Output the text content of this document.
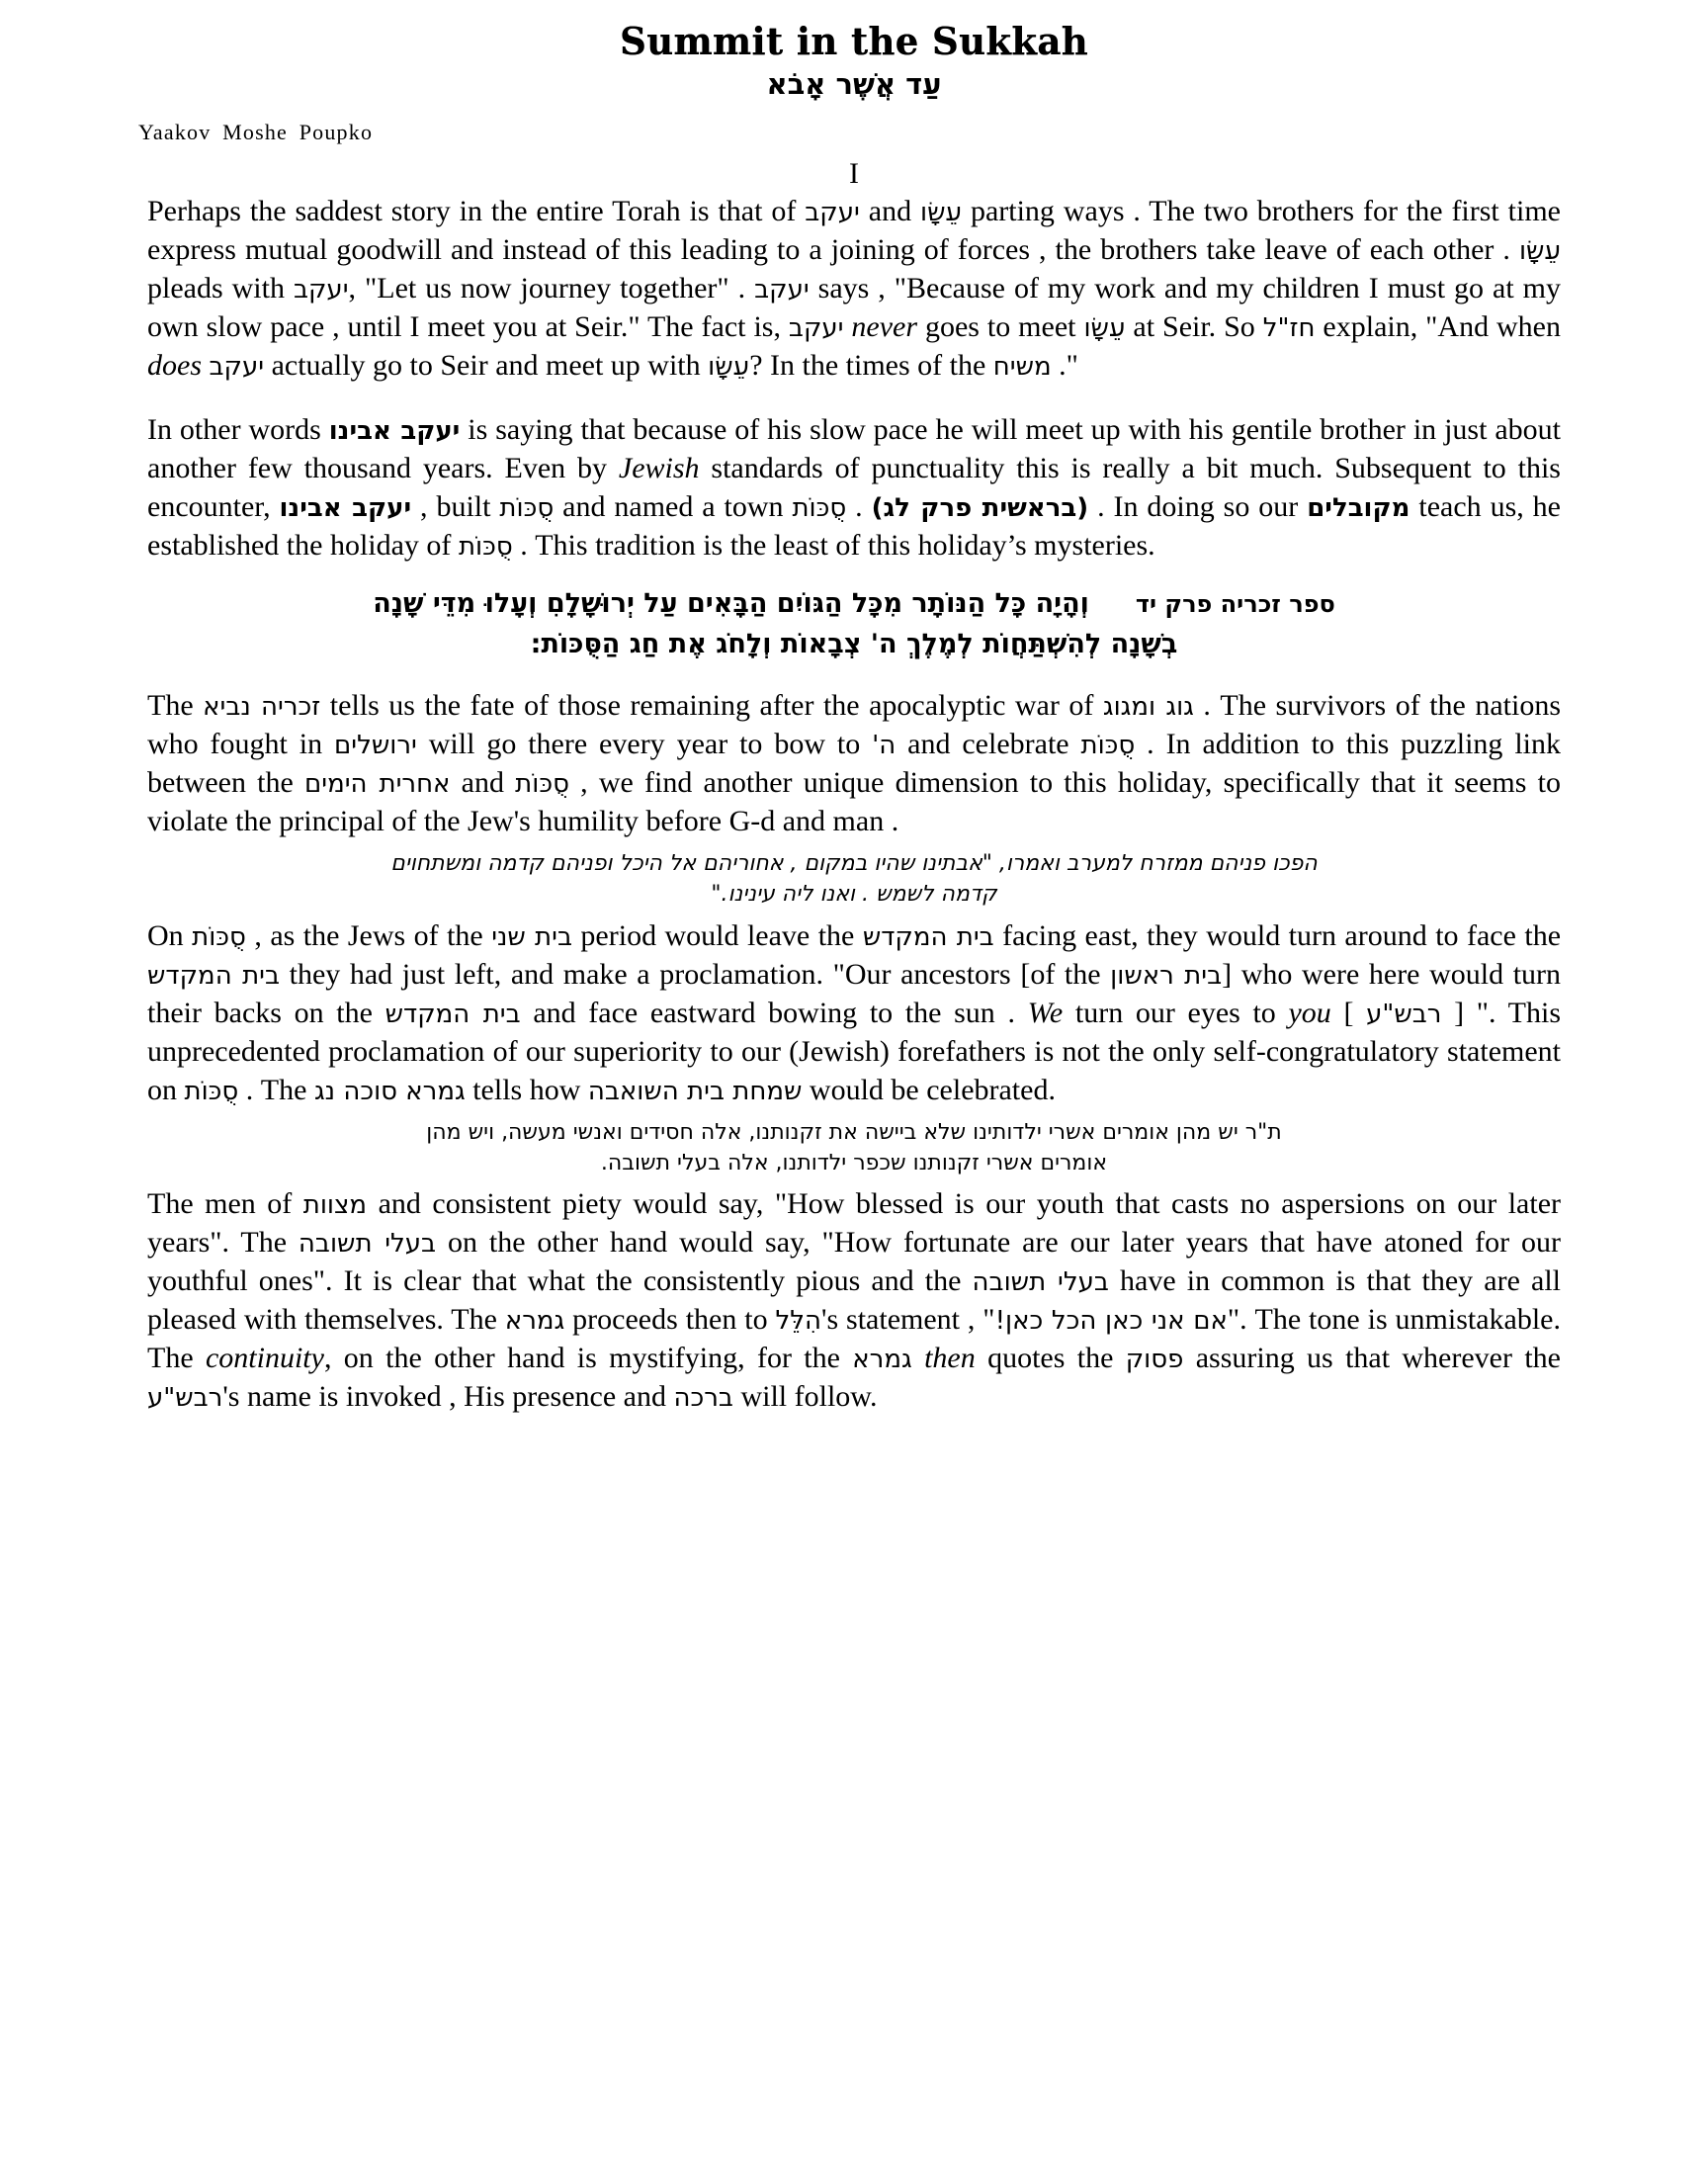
Summit in the Sukkah
עַד אֲשֶׁר אָבֹא
Yaakov Moshe Poupko
I

Perhaps the saddest story in the entire Torah is that of יעקב and עֵשָׂו parting ways . The two brothers for the first time express mutual goodwill and instead of this leading to a joining of forces , the brothers take leave of each other . עֵשָׂו pleads with יעקב, "Let us now journey together" . יעקב says , "Because of my work and my children I must go at my own slow pace , until I meet you at Seir." The fact is, יעקב never goes to meet עֵשָׂו at Seir. So חז"ל explain, "And when does יעקב actually go to Seir and meet up with עֵשָׂו? In the times of the משיח ."

In other words יעקב אבינו is saying that because of his slow pace he will meet up with his gentile brother in just about another few thousand years. Even by Jewish standards of punctuality this is really a bit much. Subsequent to this encounter, יעקב אבינו , built סֻכּוֹת and named a town סֻכּוֹת . (בראשית פרק לג) . In doing so our מקובלים teach us, he established the holiday of סֻכּוֹת . This tradition is the least of this holiday’s mysteries.

ספר זכריה פרק יד     וְהָיָה כָּל הַנּוֹתָר מִכָּל הַגּוֹיִם הַבָּאִים עַל יְרוּשָׁלָםִ וְעָלוּ מִדֵּי שָׁנָה
בְשָׁנָה לְהִשְׁתַּחֲוֹת לְמֶלֶךְ ה' צְבָאוֹת וְלָחֹג אֶת חַג הַסֻּכּוֹת:

The זכריה נביא tells us the fate of those remaining after the apocalyptic war of גוג ומגוג . The survivors of the nations who fought in ירושלים will go there every year to bow to ה' and celebrate סֻכּוֹת . In addition to this puzzling link between the אחרית הימים and סֻכּוֹת , we find another unique dimension to this holiday, specifically that it seems to violate the principal of the Jew's humility before G-d and man .

הפכו פניהם ממזרח למערב ואמרו, "אבתינו שהיו במקום , אחוריהם אל היכל ופניהם קדמה ומשתחוים
קדמה לשמש . ואנו ליה עינינו."

On סֻכּוֹת , as the Jews of the בית שני period would leave the בית המקדש facing east, they would turn around to face the בית המקדש they had just left, and make a proclamation. "Our ancestors [of the בית ראשון] who were here would turn their backs on the בית המקדש and face eastward bowing to the sun . We turn our eyes to you [ רבש"ע ] ". This unprecedented proclamation of our superiority to our (Jewish) forefathers is not the only self-congratulatory statement on סֻכּוֹת . The גמרא סוכה נג tells how שמחת בית השואבה would be celebrated.

ת"ר יש מהן אומרים אשרי ילדותינו שלא ביישה את זקנותנו, אלה חסידים ואנשי מעשה, ויש מהן
אומרים אשרי זקנותנו שכפר ילדותנו, אלה בעלי תשובה.

The men of מצוות and consistent piety would say, "How blessed is our youth that casts no aspersions on our later years". The בעלי תשובה on the other hand would say, "How fortunate are our later years that have atoned for our youthful ones". It is clear that what the consistently pious and the בעלי תשובה have in common is that they are all pleased with themselves. The גמרא proceeds then to הִלֵּל's statement , "אם אני כאן הכל כאן!". The tone is unmistakable. The continuity, on the other hand is mystifying, for the גמרא then quotes the פסוק assuring us that wherever the רבש"ע's name is invoked , His presence and ברכה will follow.
